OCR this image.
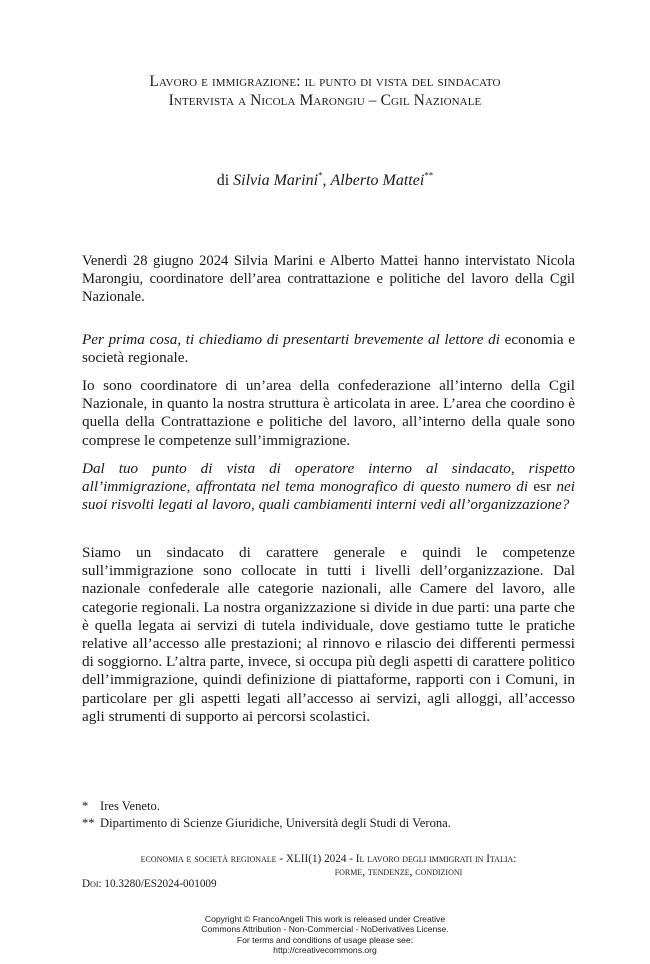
Lavoro e immigrazione: il punto di vista del sindacato
Intervista a Nicola Marongiu – Cgil Nazionale
di Silvia Marini*, Alberto Mattei**

Venerdì 28 giugno 2024 Silvia Marini e Alberto Mattei hanno intervistato Nicola Marongiu, coordinatore dell’area contrattazione e politiche del lavoro della Cgil Nazionale.

Per prima cosa, ti chiediamo di presentarti brevemente al lettore di economia e società regionale.

Io sono coordinatore di un’area della confederazione all’interno della Cgil Nazionale, in quanto la nostra struttura è articolata in aree. L’area che coordino è quella della Contrattazione e politiche del lavoro, all’interno della quale sono comprese le competenze sull’immigrazione.

Dal tuo punto di vista di operatore interno al sindacato, rispetto all’immigrazione, affrontata nel tema monografico di questo numero di esr nei suoi risvolti legati al lavoro, quali cambiamenti interni vedi all’organizzazione?

Siamo un sindacato di carattere generale e quindi le competenze sull’immigrazione sono collocate in tutti i livelli dell’organizzazione. Dal nazionale confederale alle categorie nazionali, alle Camere del lavoro, alle categorie regionali. La nostra organizzazione si divide in due parti: una parte che è quella legata ai servizi di tutela individuale, dove gestiamo tutte le pratiche relative all’accesso alle prestazioni; al rinnovo e rilascio dei differenti permessi di soggiorno. L’altra parte, invece, si occupa più degli aspetti di carattere politico dell’immigrazione, quindi definizione di piattaforme, rapporti con i Comuni, in particolare per gli aspetti legati all’accesso ai servizi, agli alloggi, all’accesso agli strumenti di supporto ai percorsi scolastici.

* Ires Veneto.
** Dipartimento di Scienze Giuridiche, Università degli Studi di Verona.
economia e società regionale - XLII(1) 2024 - Il lavoro degli immigrati in Italia:
forme, tendenze, condizioni
Doi: 10.3280/ES2024-001009
Copyright © FrancoAngeli This work is released under Creative
Commons Attribution - Non-Commercial - NoDerivatives License.
For terms and conditions of usage please see:
http://creativecommons.org
